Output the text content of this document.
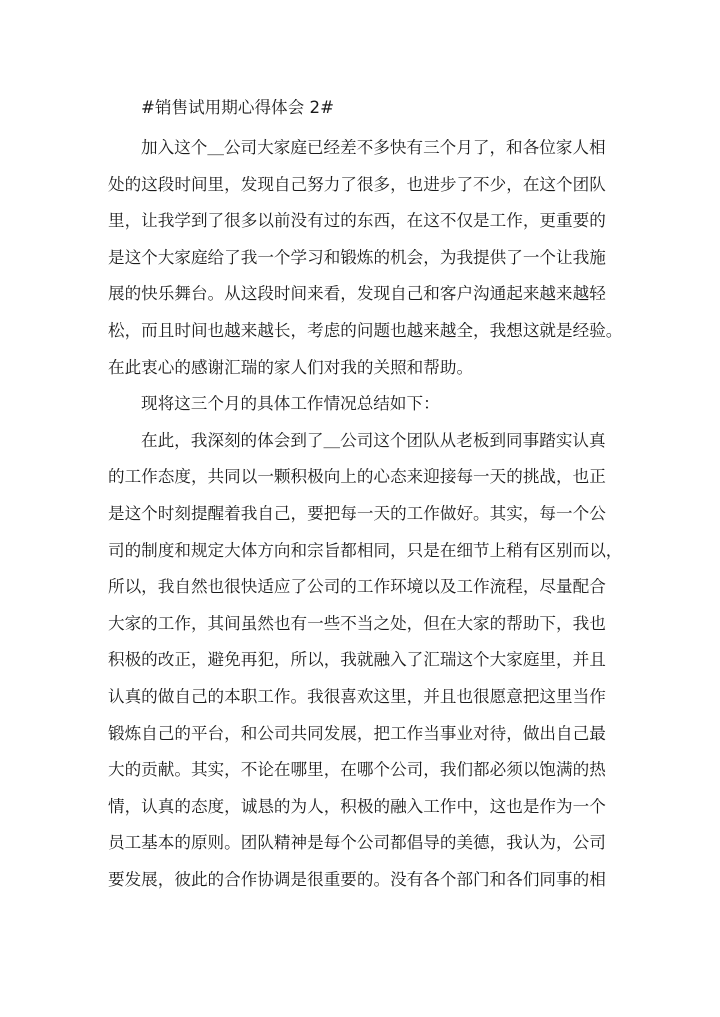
#销售试用期心得体会 2#
加入这个＿公司大家庭已经差不多快有三个月了，和各位家人相
处的这段时间里，发现自己努力了很多，也进步了不少，在这个团队
里，让我学到了很多以前没有过的东西，在这不仅是工作，更重要的
是这个大家庭给了我一个学习和锻炼的机会，为我提供了一个让我施
展的快乐舞台。从这段时间来看，发现自己和客户沟通起来越来越轻
松，而且时间也越来越长，考虑的问题也越来越全，我想这就是经验。
在此衷心的感谢汇瑞的家人们对我的关照和帮助。
现将这三个月的具体工作情况总结如下：
在此，我深刻的体会到了＿公司这个团队从老板到同事踏实认真
的工作态度，共同以一颗积极向上的心态来迎接每一天的挑战，也正
是这个时刻提醒着我自己，要把每一天的工作做好。其实，每一个公
司的制度和规定大体方向和宗旨都相同，只是在细节上稍有区别而以，
所以，我自然也很快适应了公司的工作环境以及工作流程，尽量配合
大家的工作，其间虽然也有一些不当之处，但在大家的帮助下，我也
积极的改正，避免再犯，所以，我就融入了汇瑞这个大家庭里，并且
认真的做自己的本职工作。我很喜欢这里，并且也很愿意把这里当作
锻炼自己的平台，和公司共同发展，把工作当事业对待，做出自己最
大的贡献。其实，不论在哪里，在哪个公司，我们都必须以饱满的热
情，认真的态度，诚恳的为人，积极的融入工作中，这也是作为一个
员工基本的原则。团队精神是每个公司都倡导的美德，我认为，公司
要发展，彼此的合作协调是很重要的。没有各个部门和各们同事的相
